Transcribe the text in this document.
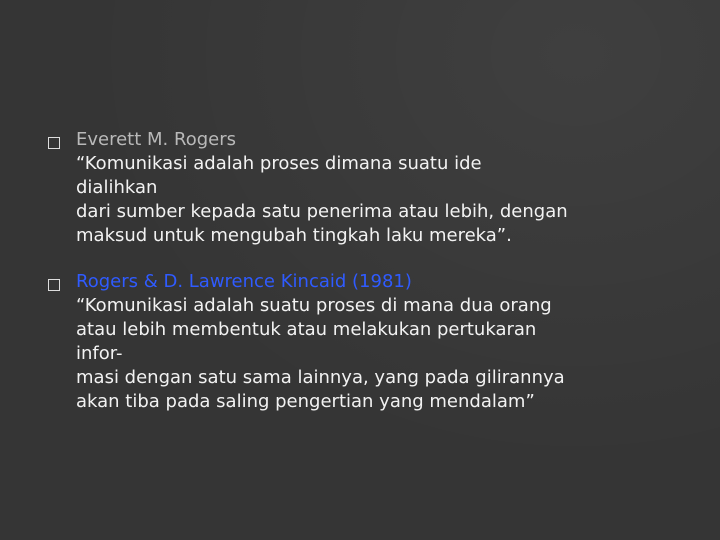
Everett M. Rogers
“Komunikasi adalah proses dimana suatu ide
dialihkan
dari sumber kepada satu penerima atau lebih, dengan
maksud untuk mengubah tingkah laku mereka”.
Rogers & D. Lawrence Kincaid (1981)
“Komunikasi adalah suatu proses di mana dua orang
atau lebih membentuk atau melakukan pertukaran
infor-
masi dengan satu sama lainnya, yang pada gilirannya
akan tiba pada saling pengertian yang mendalam”
